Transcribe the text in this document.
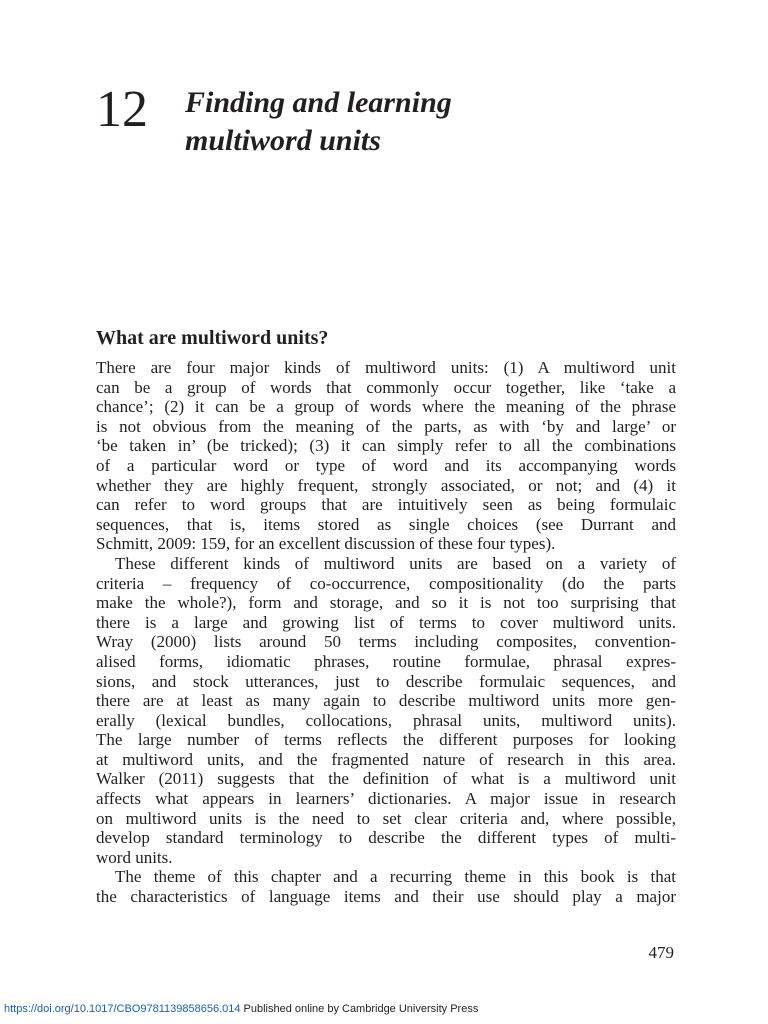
12 Finding and learning
multiword units
What are multiword units?
There are four major kinds of multiword units: (1) A multiword unit
can be a group of words that commonly occur together, like ‘take a
chance’; (2) it can be a group of words where the meaning of the phrase
is not obvious from the meaning of the parts, as with ‘by and large’ or
‘be taken in’ (be tricked); (3) it can simply refer to all the combinations
of a particular word or type of word and its accompanying words
whether they are highly frequent, strongly associated, or not; and (4) it
can refer to word groups that are intuitively seen as being formulaic
sequences, that is, items stored as single choices (see Durrant and
Schmitt, 2009: 159, for an excellent discussion of these four types).
These different kinds of multiword units are based on a variety of
criteria – frequency of co-occurrence, compositionality (do the parts
make the whole?), form and storage, and so it is not too surprising that
there is a large and growing list of terms to cover multiword units.
Wray (2000) lists around 50 terms including composites, convention-
alised forms, idiomatic phrases, routine formulae, phrasal expres-
sions, and stock utterances, just to describe formulaic sequences, and
there are at least as many again to describe multiword units more gen-
erally (lexical bundles, collocations, phrasal units, multiword units).
The large number of terms reflects the different purposes for looking
at multiword units, and the fragmented nature of research in this area.
Walker (2011) suggests that the definition of what is a multiword unit
affects what appears in learners’ dictionaries. A major issue in research
on multiword units is the need to set clear criteria and, where possible,
develop standard terminology to describe the different types of multi-
word units.
The theme of this chapter and a recurring theme in this book is that
the characteristics of language items and their use should play a major
479
https://doi.org/10.1017/CBO9781139858656.014 Published online by Cambridge University Press
